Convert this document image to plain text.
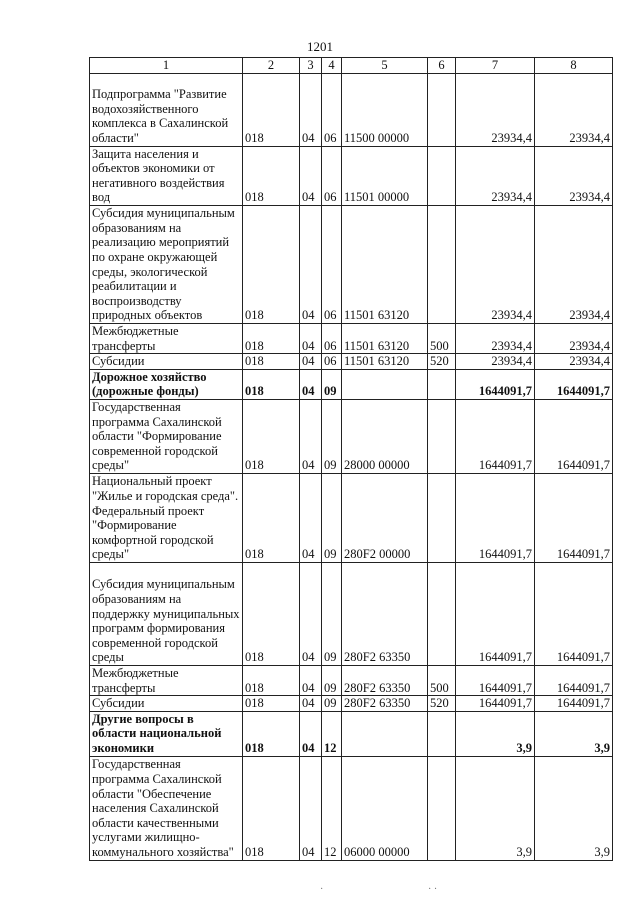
1201
1	2	3	4	5	6	7	8
Подпрограмма "Развитие водохозяйственного комплекса в Сахалинской области"	018	04	06	11500 00000		23934,4	23934,4
Защита населения и объектов экономики от негативного воздействия вод	018	04	06	11501 00000		23934,4	23934,4
Субсидия муниципальным образованиям на реализацию мероприятий по охране окружающей среды, экологической реабилитации и воспроизводству природных объектов	018	04	06	11501 63120		23934,4	23934,4
Межбюджетные трансферты	018	04	06	11501 63120	500	23934,4	23934,4
Субсидии	018	04	06	11501 63120	520	23934,4	23934,4
Дорожное хозяйство (дорожные фонды)	018	04	09			1644091,7	1644091,7
Государственная программа Сахалинской области "Формирование современной городской среды"	018	04	09	28000 00000		1644091,7	1644091,7
Национальный проект "Жилье и городская среда". Федеральный проект "Формирование комфортной городской среды"	018	04	09	280F2 00000		1644091,7	1644091,7
Субсидия муниципальным образованиям на поддержку муниципальных программ формирования современной городской среды	018	04	09	280F2 63350		1644091,7	1644091,7
Межбюджетные трансферты	018	04	09	280F2 63350	500	1644091,7	1644091,7
Субсидии	018	04	09	280F2 63350	520	1644091,7	1644091,7
Другие вопросы в области национальной экономики	018	04	12			3,9	3,9
Государственная программа Сахалинской области "Обеспечение населения Сахалинской области качественными услугами жилищно-коммунального хозяйства"	018	04	12	06000 00000		3,9	3,9
·	· ·
